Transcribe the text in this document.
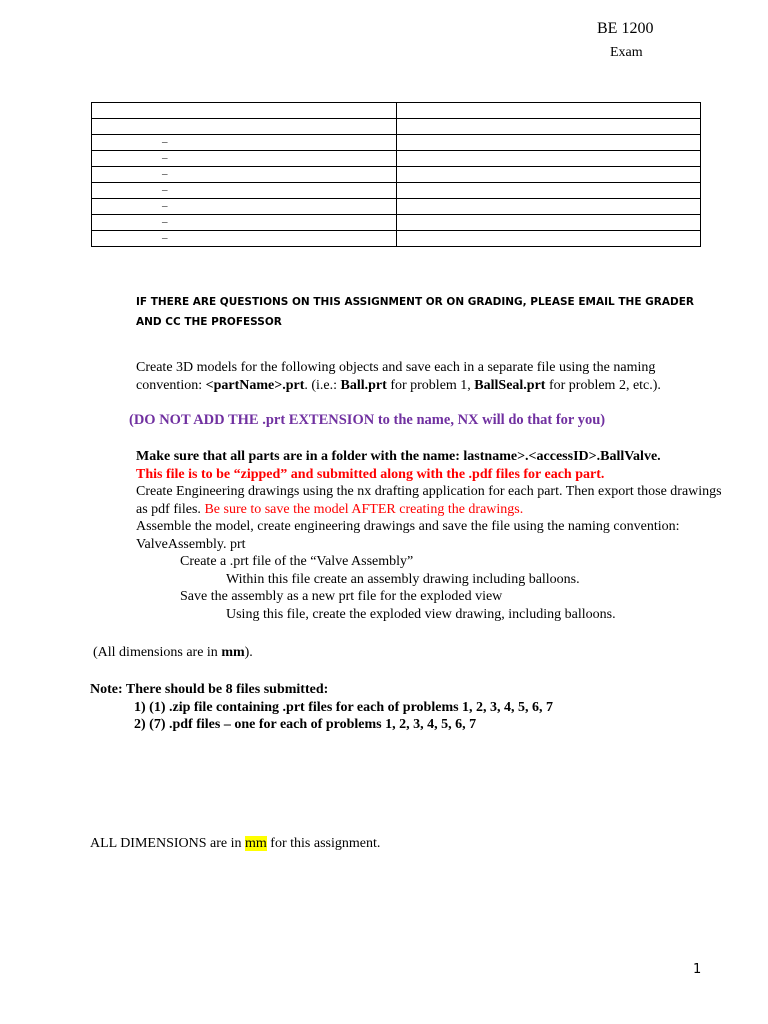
BE 1200
Exam

–	
–	
–	
–	
–	
–	
–	
IF THERE ARE QUESTIONS ON THIS ASSIGNMENT OR ON GRADING, PLEASE EMAIL THE GRADER AND CC THE PROFESSOR
Create 3D models for the following objects and save each in a separate file using the naming convention: <partName>.prt. (i.e.: Ball.prt for problem 1, BallSeal.prt for problem 2, etc.).
(DO NOT ADD THE .prt EXTENSION to the name, NX will do that for you)
Make sure that all parts are in a folder with the name: lastname>.<accessID>.BallValve.
This file is to be “zipped” and submitted along with the .pdf files for each part.
Create Engineering drawings using the nx drafting application for each part. Then export those drawings as pdf files. Be sure to save the model AFTER creating the drawings.
Assemble the model, create engineering drawings and save the file using the naming convention: ValveAssembly. prt
Create a .prt file of the “Valve Assembly”
Within this file create an assembly drawing including balloons.
Save the assembly as a new prt file for the exploded view
Using this file, create the exploded view drawing, including balloons.
(All dimensions are in mm).
Note: There should be 8 files submitted:
1) (1) .zip file containing .prt files for each of problems 1, 2, 3, 4, 5, 6, 7
2) (7) .pdf files – one for each of problems 1, 2, 3, 4, 5, 6, 7
ALL DIMENSIONS are in mm for this assignment.
1
